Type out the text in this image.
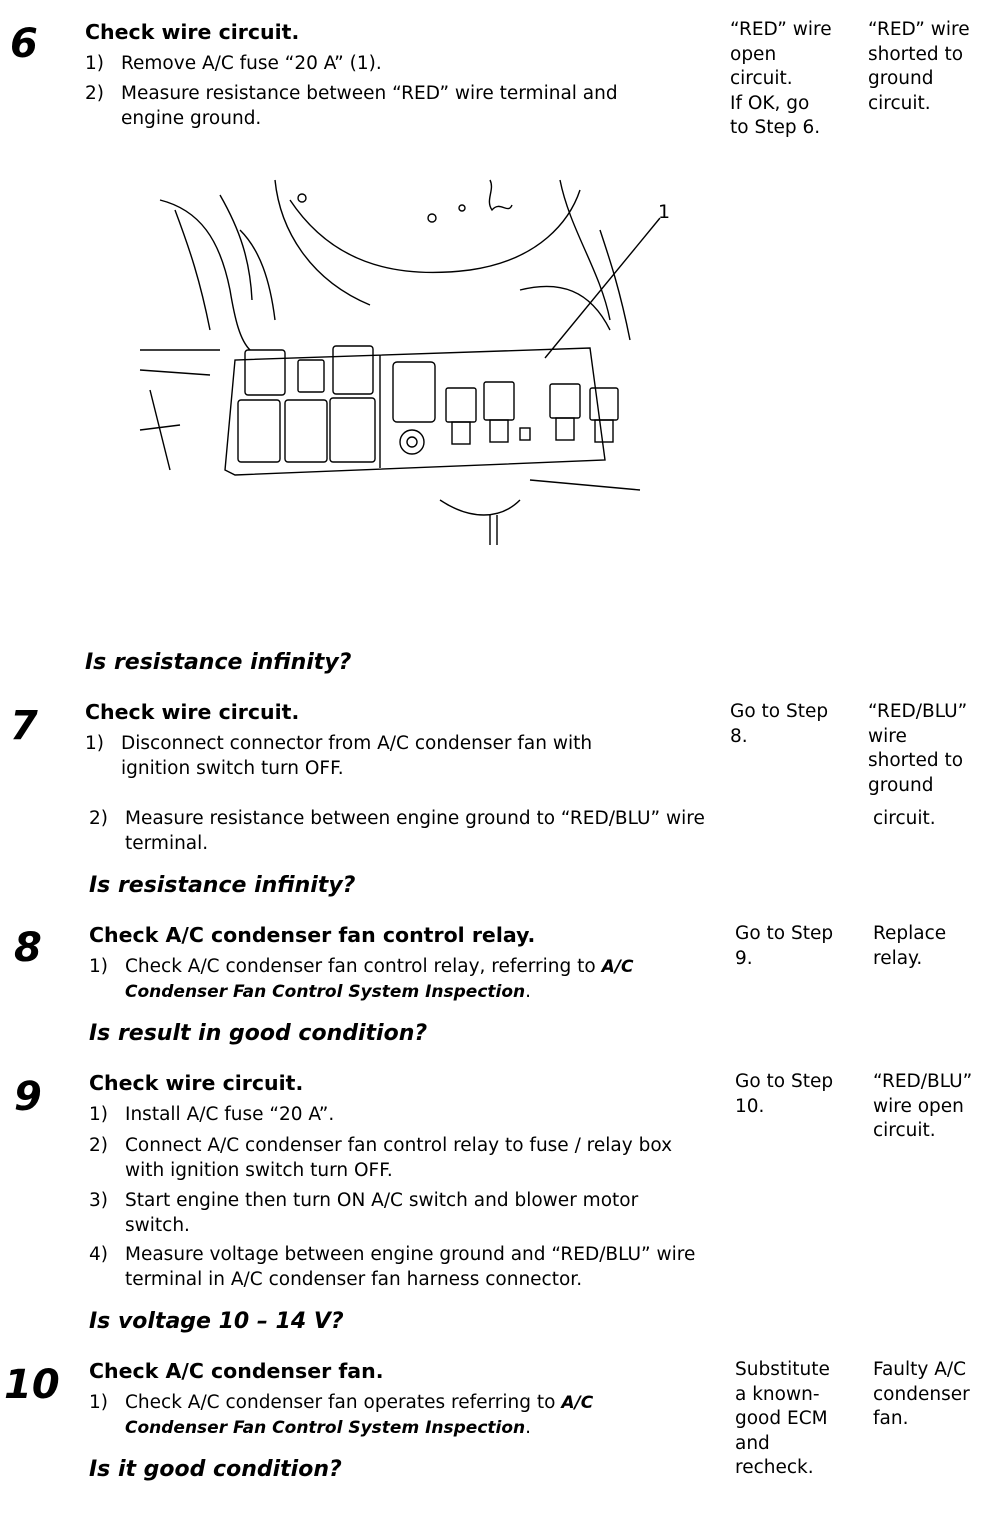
6 Check wire circuit.
1) Remove A/C fuse “20 A” (1).
2) Measure resistance between “RED” wire terminal and engine ground.
“RED” wire
open
circuit.
If OK, go
to Step 6.
“RED” wire
shorted to
ground
circuit.
1
Is resistance infinity?
7 Check wire circuit.
1) Disconnect connector from A/C condenser fan with ignition switch turn OFF.
2) Measure resistance between engine ground to “RED/BLU” wire terminal.
Go to Step
8.
“RED/BLU”
wire
shorted to
ground
circuit.
Is resistance infinity?
8 Check A/C condenser fan control relay.
1) Check A/C condenser fan control relay, referring to A/C Condenser Fan Control System Inspection.
Go to Step
9.
Replace
relay.
Is result in good condition?
9 Check wire circuit.
1) Install A/C fuse “20 A”.
2) Connect A/C condenser fan control relay to fuse / relay box with ignition switch turn OFF.
3) Start engine then turn ON A/C switch and blower motor switch.
4) Measure voltage between engine ground and “RED/BLU” wire terminal in A/C condenser fan harness connector.
Go to Step
10.
“RED/BLU”
wire open
circuit.
Is voltage 10 – 14 V?
10 Check A/C condenser fan.
1) Check A/C condenser fan operates referring to A/C Condenser Fan Control System Inspection.
Substitute
a known-
good ECM
and
recheck.
Faulty A/C
condenser
fan.
Is it good condition?
